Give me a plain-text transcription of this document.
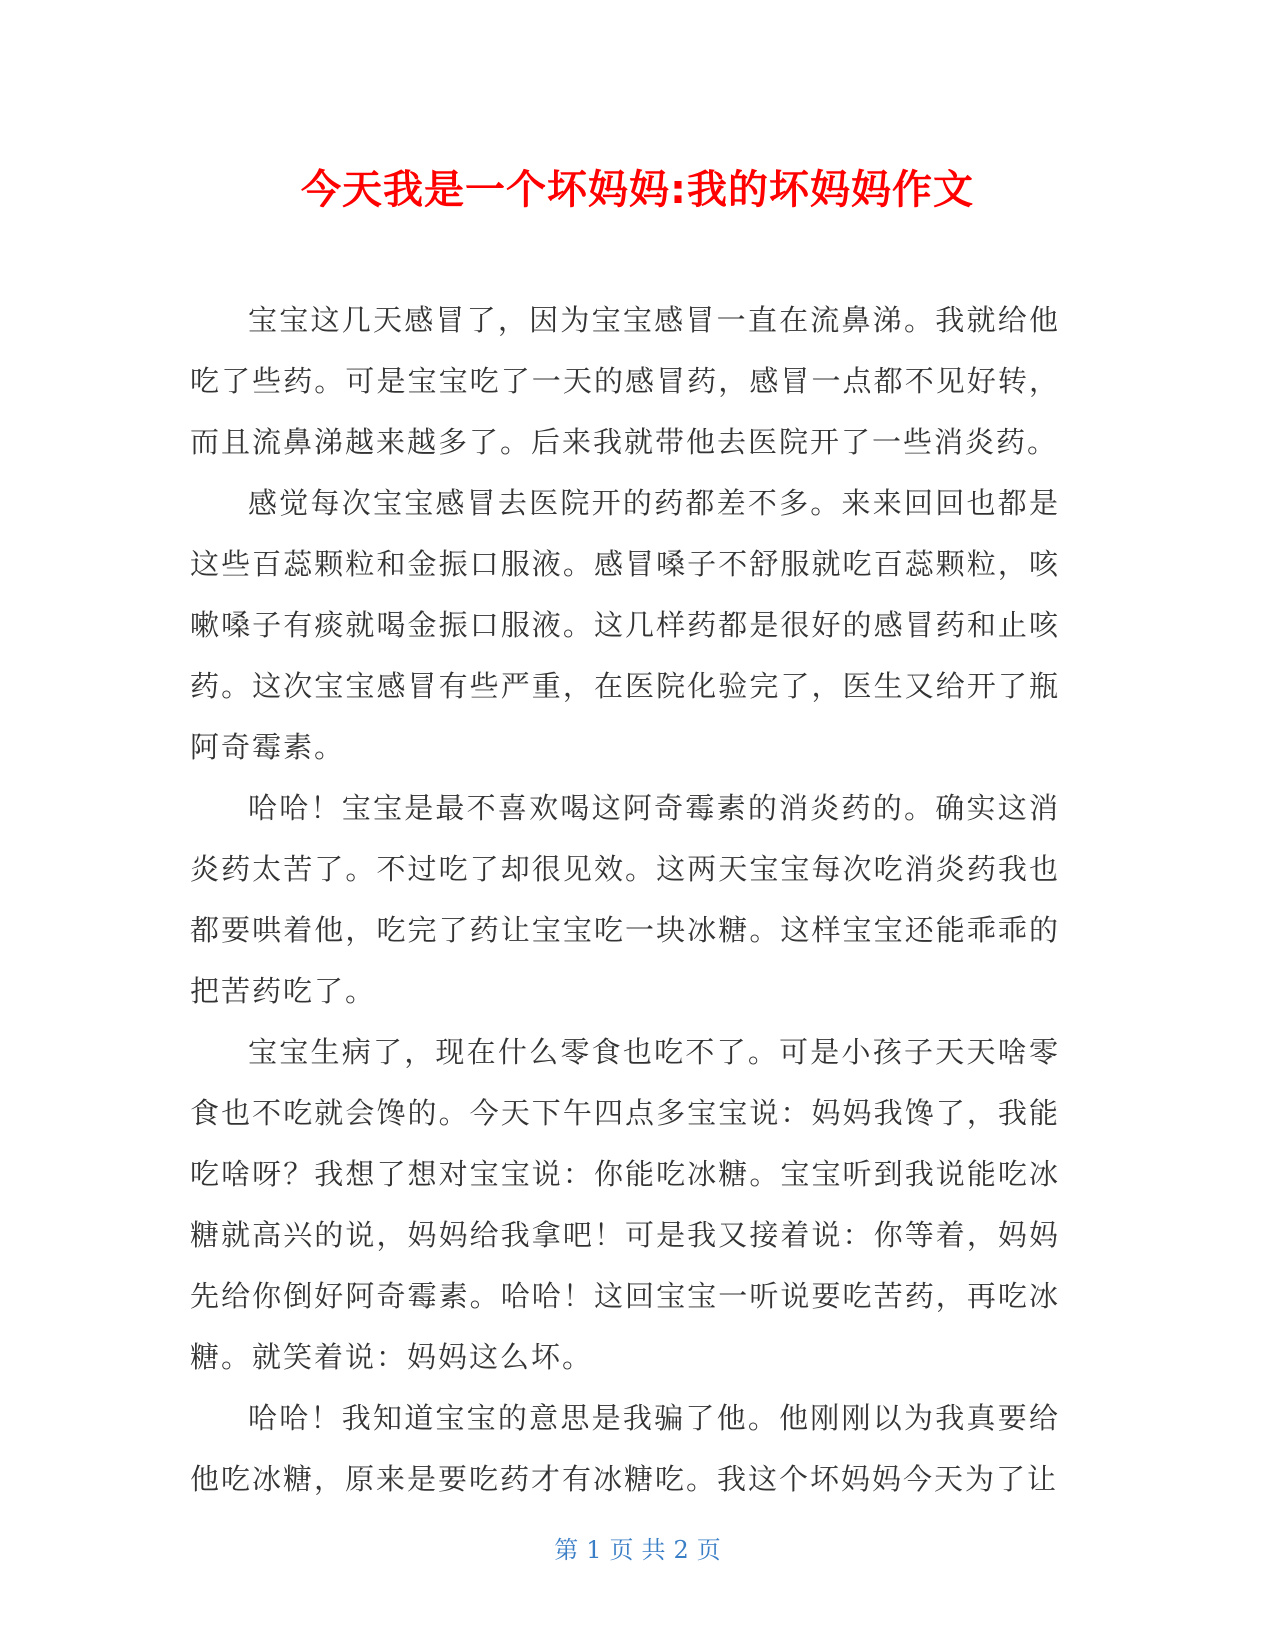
今天我是一个坏妈妈:我的坏妈妈作文

宝宝这几天感冒了，因为宝宝感冒一直在流鼻涕。我就给他吃了些药。可是宝宝吃了一天的感冒药，感冒一点都不见好转，而且流鼻涕越来越多了。后来我就带他去医院开了一些消炎药。

感觉每次宝宝感冒去医院开的药都差不多。来来回回也都是这些百蕊颗粒和金振口服液。感冒嗓子不舒服就吃百蕊颗粒，咳嗽嗓子有痰就喝金振口服液。这几样药都是很好的感冒药和止咳药。这次宝宝感冒有些严重，在医院化验完了，医生又给开了瓶阿奇霉素。

哈哈！宝宝是最不喜欢喝这阿奇霉素的消炎药的。确实这消炎药太苦了。不过吃了却很见效。这两天宝宝每次吃消炎药我也都要哄着他，吃完了药让宝宝吃一块冰糖。这样宝宝还能乖乖的把苦药吃了。

宝宝生病了，现在什么零食也吃不了。可是小孩子天天啥零食也不吃就会馋的。今天下午四点多宝宝说：妈妈我馋了，我能吃啥呀？我想了想对宝宝说：你能吃冰糖。宝宝听到我说能吃冰糖就高兴的说，妈妈给我拿吧！可是我又接着说：你等着，妈妈先给你倒好阿奇霉素。哈哈！这回宝宝一听说要吃苦药，再吃冰糖。就笑着说：妈妈这么坏。

哈哈！我知道宝宝的意思是我骗了他。他刚刚以为我真要给他吃冰糖，原来是要吃药才有冰糖吃。我这个坏妈妈今天为了让

第 1 页 共 2 页
